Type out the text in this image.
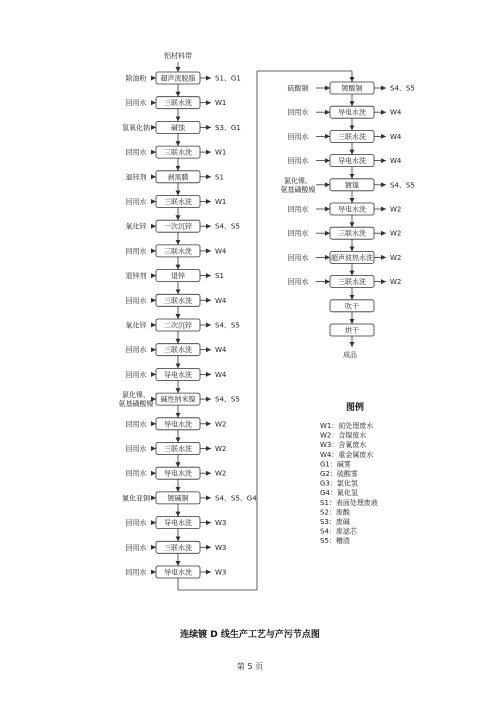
超声波脱脂
除油粉	S1、G1
三联水洗
回用水	W1
碱蚀
氢氧化钠	S3、G1
三联水洗
回用水	W1
剥黑膜
退锌剂	S1
三联水洗
回用水	W1
一次沉锌
氧化锌	S4、S5
三联水洗
回用水	W4
退锌
退锌剂	S1
三联水洗
回用水	W4
二次沉锌
氧化锌	S4、S5
三联水洗
回用水	W4
导电水洗
回用水	W4
碱性纳米镍
氯化镍、
氨基磺酸镍
S4、S5
导电水洗
回用水	W2
三联水洗
回用水	W2
导电水洗
回用水	W2
镀碱铜
氰化亚铜	S4、S5、G4
导电水洗
回用水	W3
三联水洗
回用水	W3
导电水洗
回用水	W3
镀酸铜
硫酸铜	S4、S5
导电水洗
回用水	W4
三联水洗
回用水	W4
导电水洗
回用水	W4
镀镍
氯化镍、
氨基磺酸镍
S4、S5
导电水洗
回用水	W2
三联水洗
回用水	W2
超声波热水洗
回用水	W2
三联水洗
回用水	W2
吹干
烘干
铝材料带
成品
图例
W1：前处理废水
W2：含镍废水
W3：含氰废水
W4：重金属废水
G1：碱雾
G2：硫酸雾
G3：氯化氢
G4：氰化氢
S1：表面处理废液
S2：废酸
S3：废碱
S4：废滤芯
S5：槽渣
连续镀 D 线生产工艺与产污节点图
第 5 页
